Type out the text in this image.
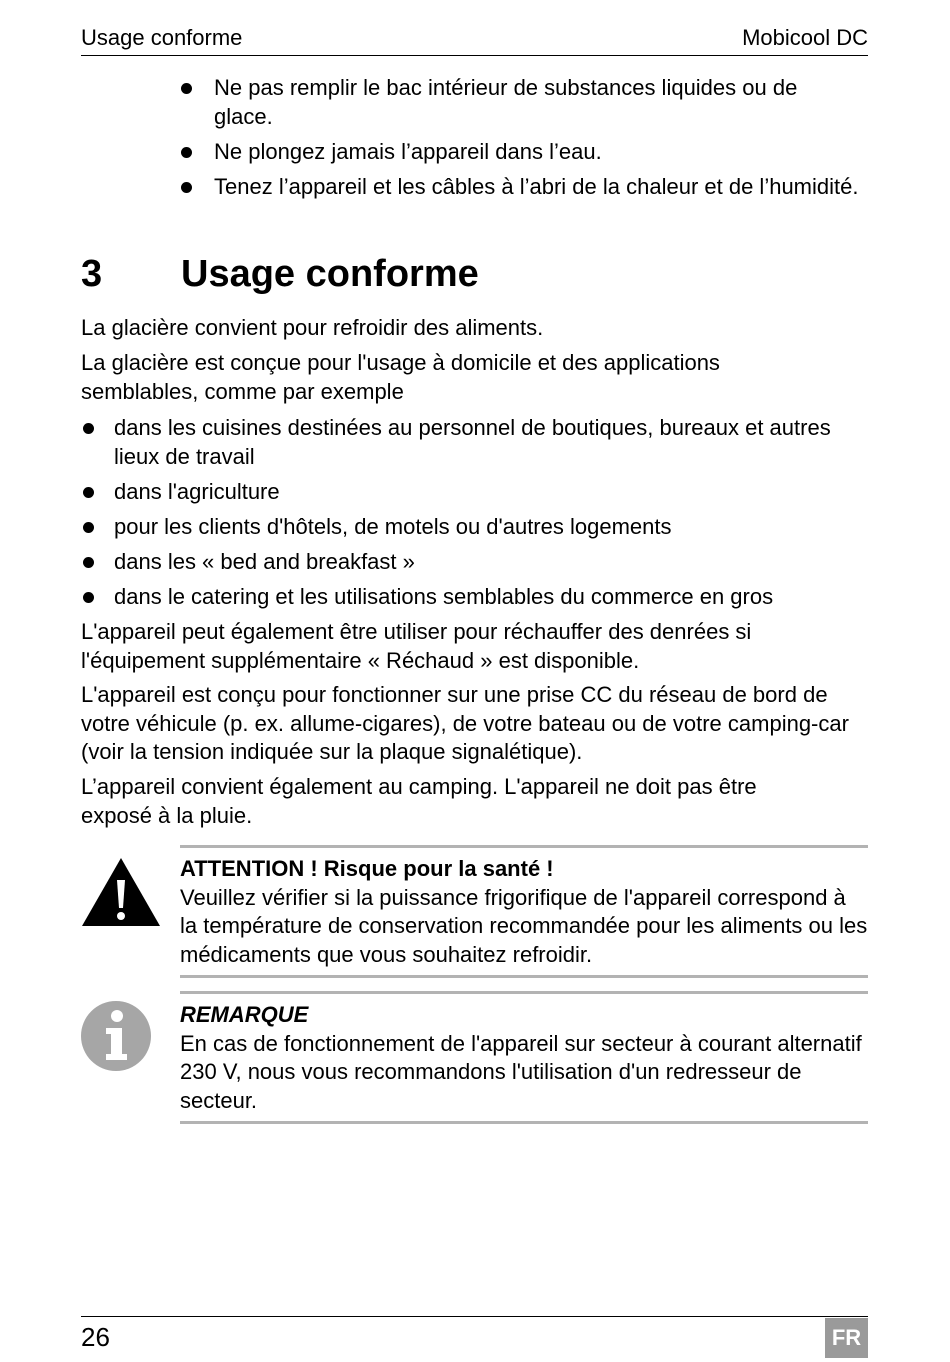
Usage conforme	Mobicool DC
Ne pas remplir le bac intérieur de substances liquides ou de glace.
Ne plongez jamais l’appareil dans l’eau.
Tenez l’appareil et les câbles à l’abri de la chaleur et de l’humidité.
3 Usage conforme

La glacière convient pour refroidir des aliments.

La glacière est conçue pour l'usage à domicile et des applications semblables, comme par exemple

dans les cuisines destinées au personnel de boutiques, bureaux et autres lieux de travail
dans l'agriculture
pour les clients d'hôtels, de motels ou d'autres logements
dans les « bed and breakfast »
dans le catering et les utilisations semblables du commerce en gros

L'appareil peut également être utiliser pour réchauffer des denrées si l'équipement supplémentaire « Réchaud » est disponible.

L'appareil est conçu pour fonctionner sur une prise CC du réseau de bord de votre véhicule (p. ex. allume-cigares), de votre bateau ou de votre camping-car (voir la tension indiquée sur la plaque signalétique).

L’appareil convient également au camping. L'appareil ne doit pas être exposé à la pluie.

ATTENTION ! Risque pour la santé !
Veuillez vérifier si la puissance frigorifique de l'appareil correspond à la température de conservation recommandée pour les aliments ou les médicaments que vous souhaitez refroidir.
REMARQUE
En cas de fonctionnement de l'appareil sur secteur à courant alternatif 230 V, nous vous recommandons l'utilisation d'un redresseur de secteur.
26	FR
